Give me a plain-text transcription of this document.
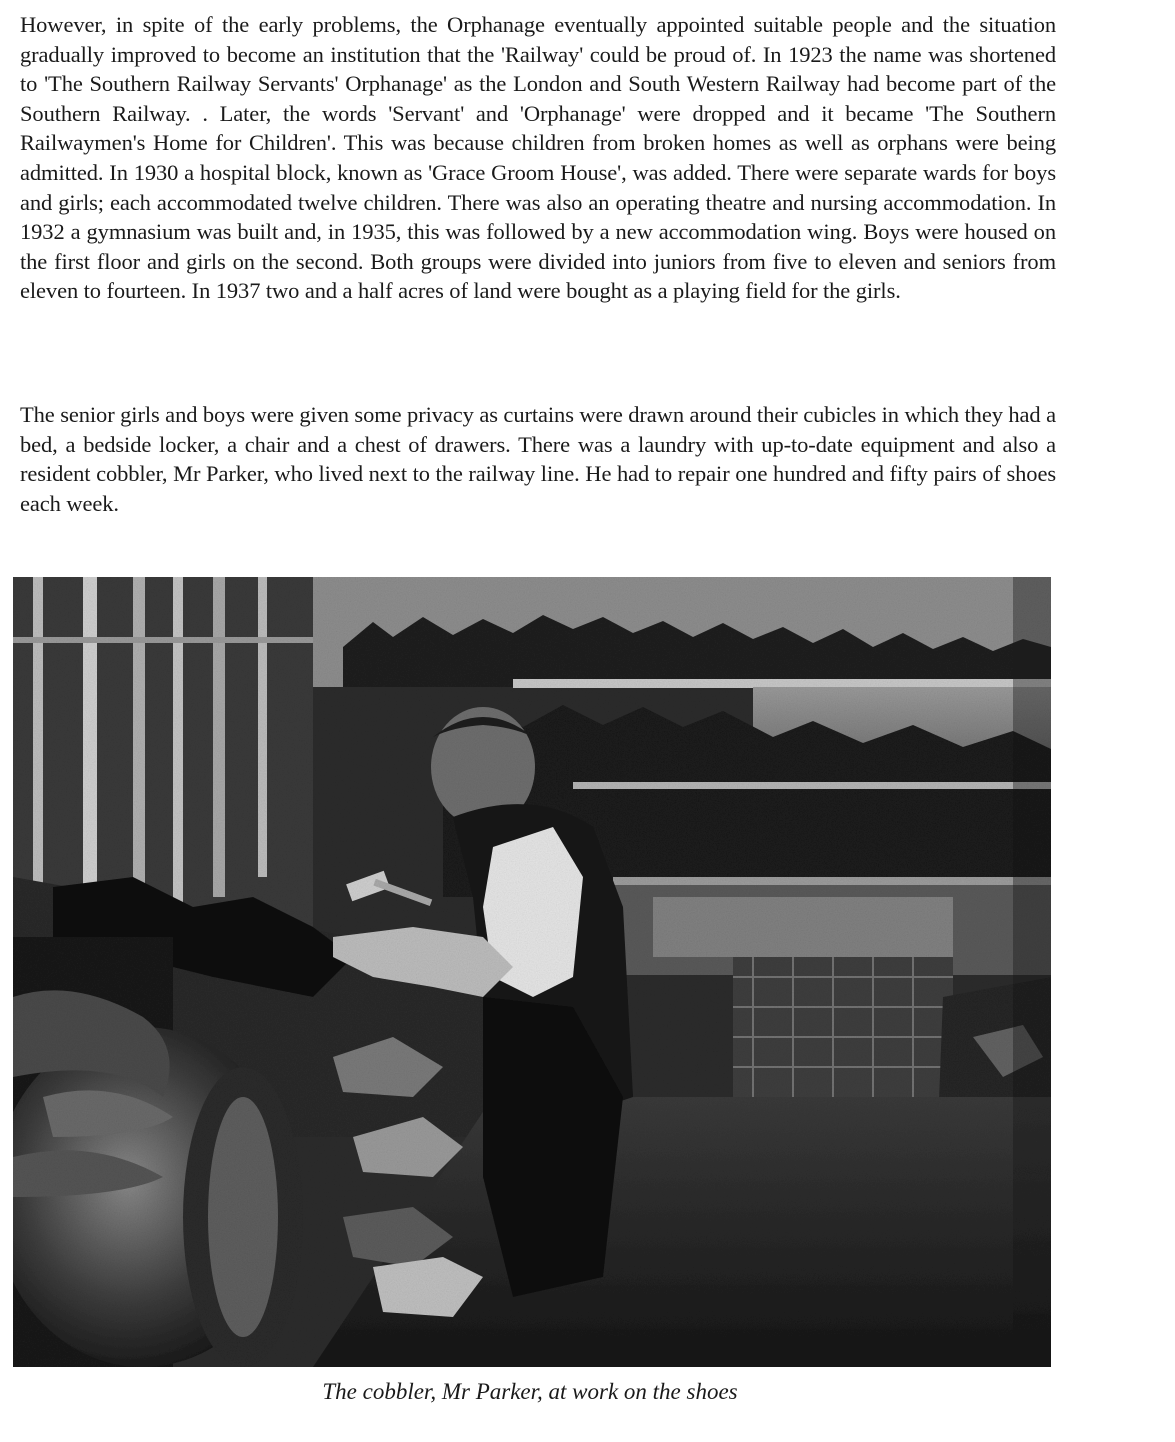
However, in spite of the early problems, the Orphanage eventually appointed suitable people and the situation gradually improved to become an institution that the 'Railway' could be proud of. In 1923 the name was shortened to 'The Southern Railway Servants' Orphanage' as the London and South Western Railway had become part of the Southern Railway. . Later, the words 'Servant' and 'Orphanage' were dropped and it became 'The Southern Railwaymen's Home for Children'. This was because children from broken homes as well as orphans were being admitted. In 1930 a hospital block, known as 'Grace Groom House', was added. There were separate wards for boys and girls; each accommodated twelve children. There was also an operating theatre and nursing accommodation. In 1932 a gymnasium was built and, in 1935, this was followed by a new accommodation wing. Boys were housed on the first floor and girls on the second. Both groups were divided into juniors from five to eleven and seniors from eleven to fourteen. In 1937 two and a half acres of land were bought as a playing field for the girls.

The senior girls and boys were given some privacy as curtains were drawn around their cubicles in which they had a bed, a bedside locker, a chair and a chest of drawers. There was a laundry with up-to-date equipment and also a resident cobbler, Mr Parker, who lived next to the railway line. He had to repair one hundred and fifty pairs of shoes each week.

The cobbler, Mr Parker, at work on the shoes
